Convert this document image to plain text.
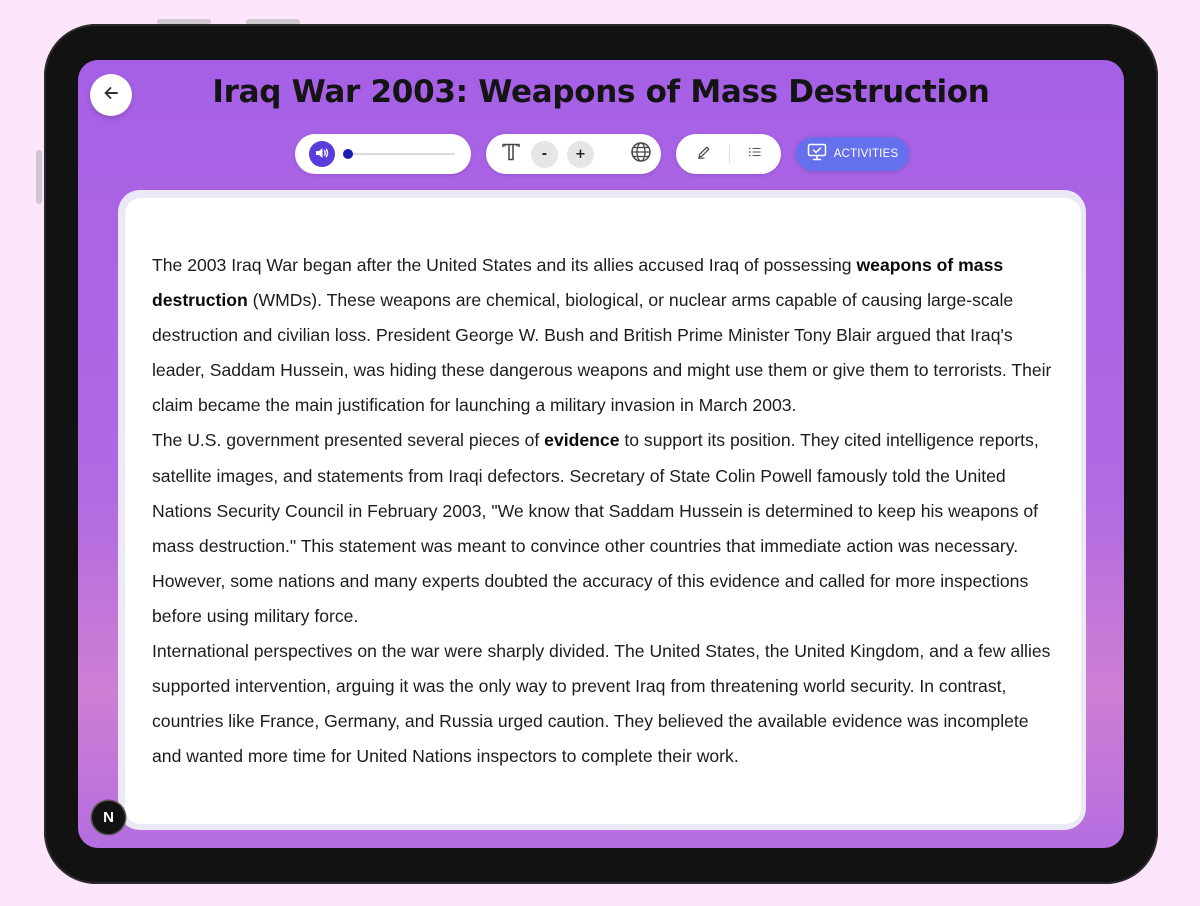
Iraq War 2003: Weapons of Mass Destruction
-	+	ACTIVITIES

The 2003 Iraq War began after the United States and its allies accused Iraq of possessing weapons of mass destruction (WMDs). These weapons are chemical, biological, or nuclear arms capable of causing large-scale destruction and civilian loss. President George W. Bush and British Prime Minister Tony Blair argued that Iraq's leader, Saddam Hussein, was hiding these dangerous weapons and might use them or give them to terrorists. Their claim became the main justification for launching a military invasion in March 2003.

The U.S. government presented several pieces of evidence to support its position. They cited intelligence reports, satellite images, and statements from Iraqi defectors. Secretary of State Colin Powell famously told the United Nations Security Council in February 2003, "We know that Saddam Hussein is determined to keep his weapons of mass destruction." This statement was meant to convince other countries that immediate action was necessary. However, some nations and many experts doubted the accuracy of this evidence and called for more inspections before using military force.

International perspectives on the war were sharply divided. The United States, the United Kingdom, and a few allies supported intervention, arguing it was the only way to prevent Iraq from threatening world security. In contrast, countries like France, Germany, and Russia urged caution. They believed the available evidence was incomplete and wanted more time for United Nations inspectors to complete their work.

N
